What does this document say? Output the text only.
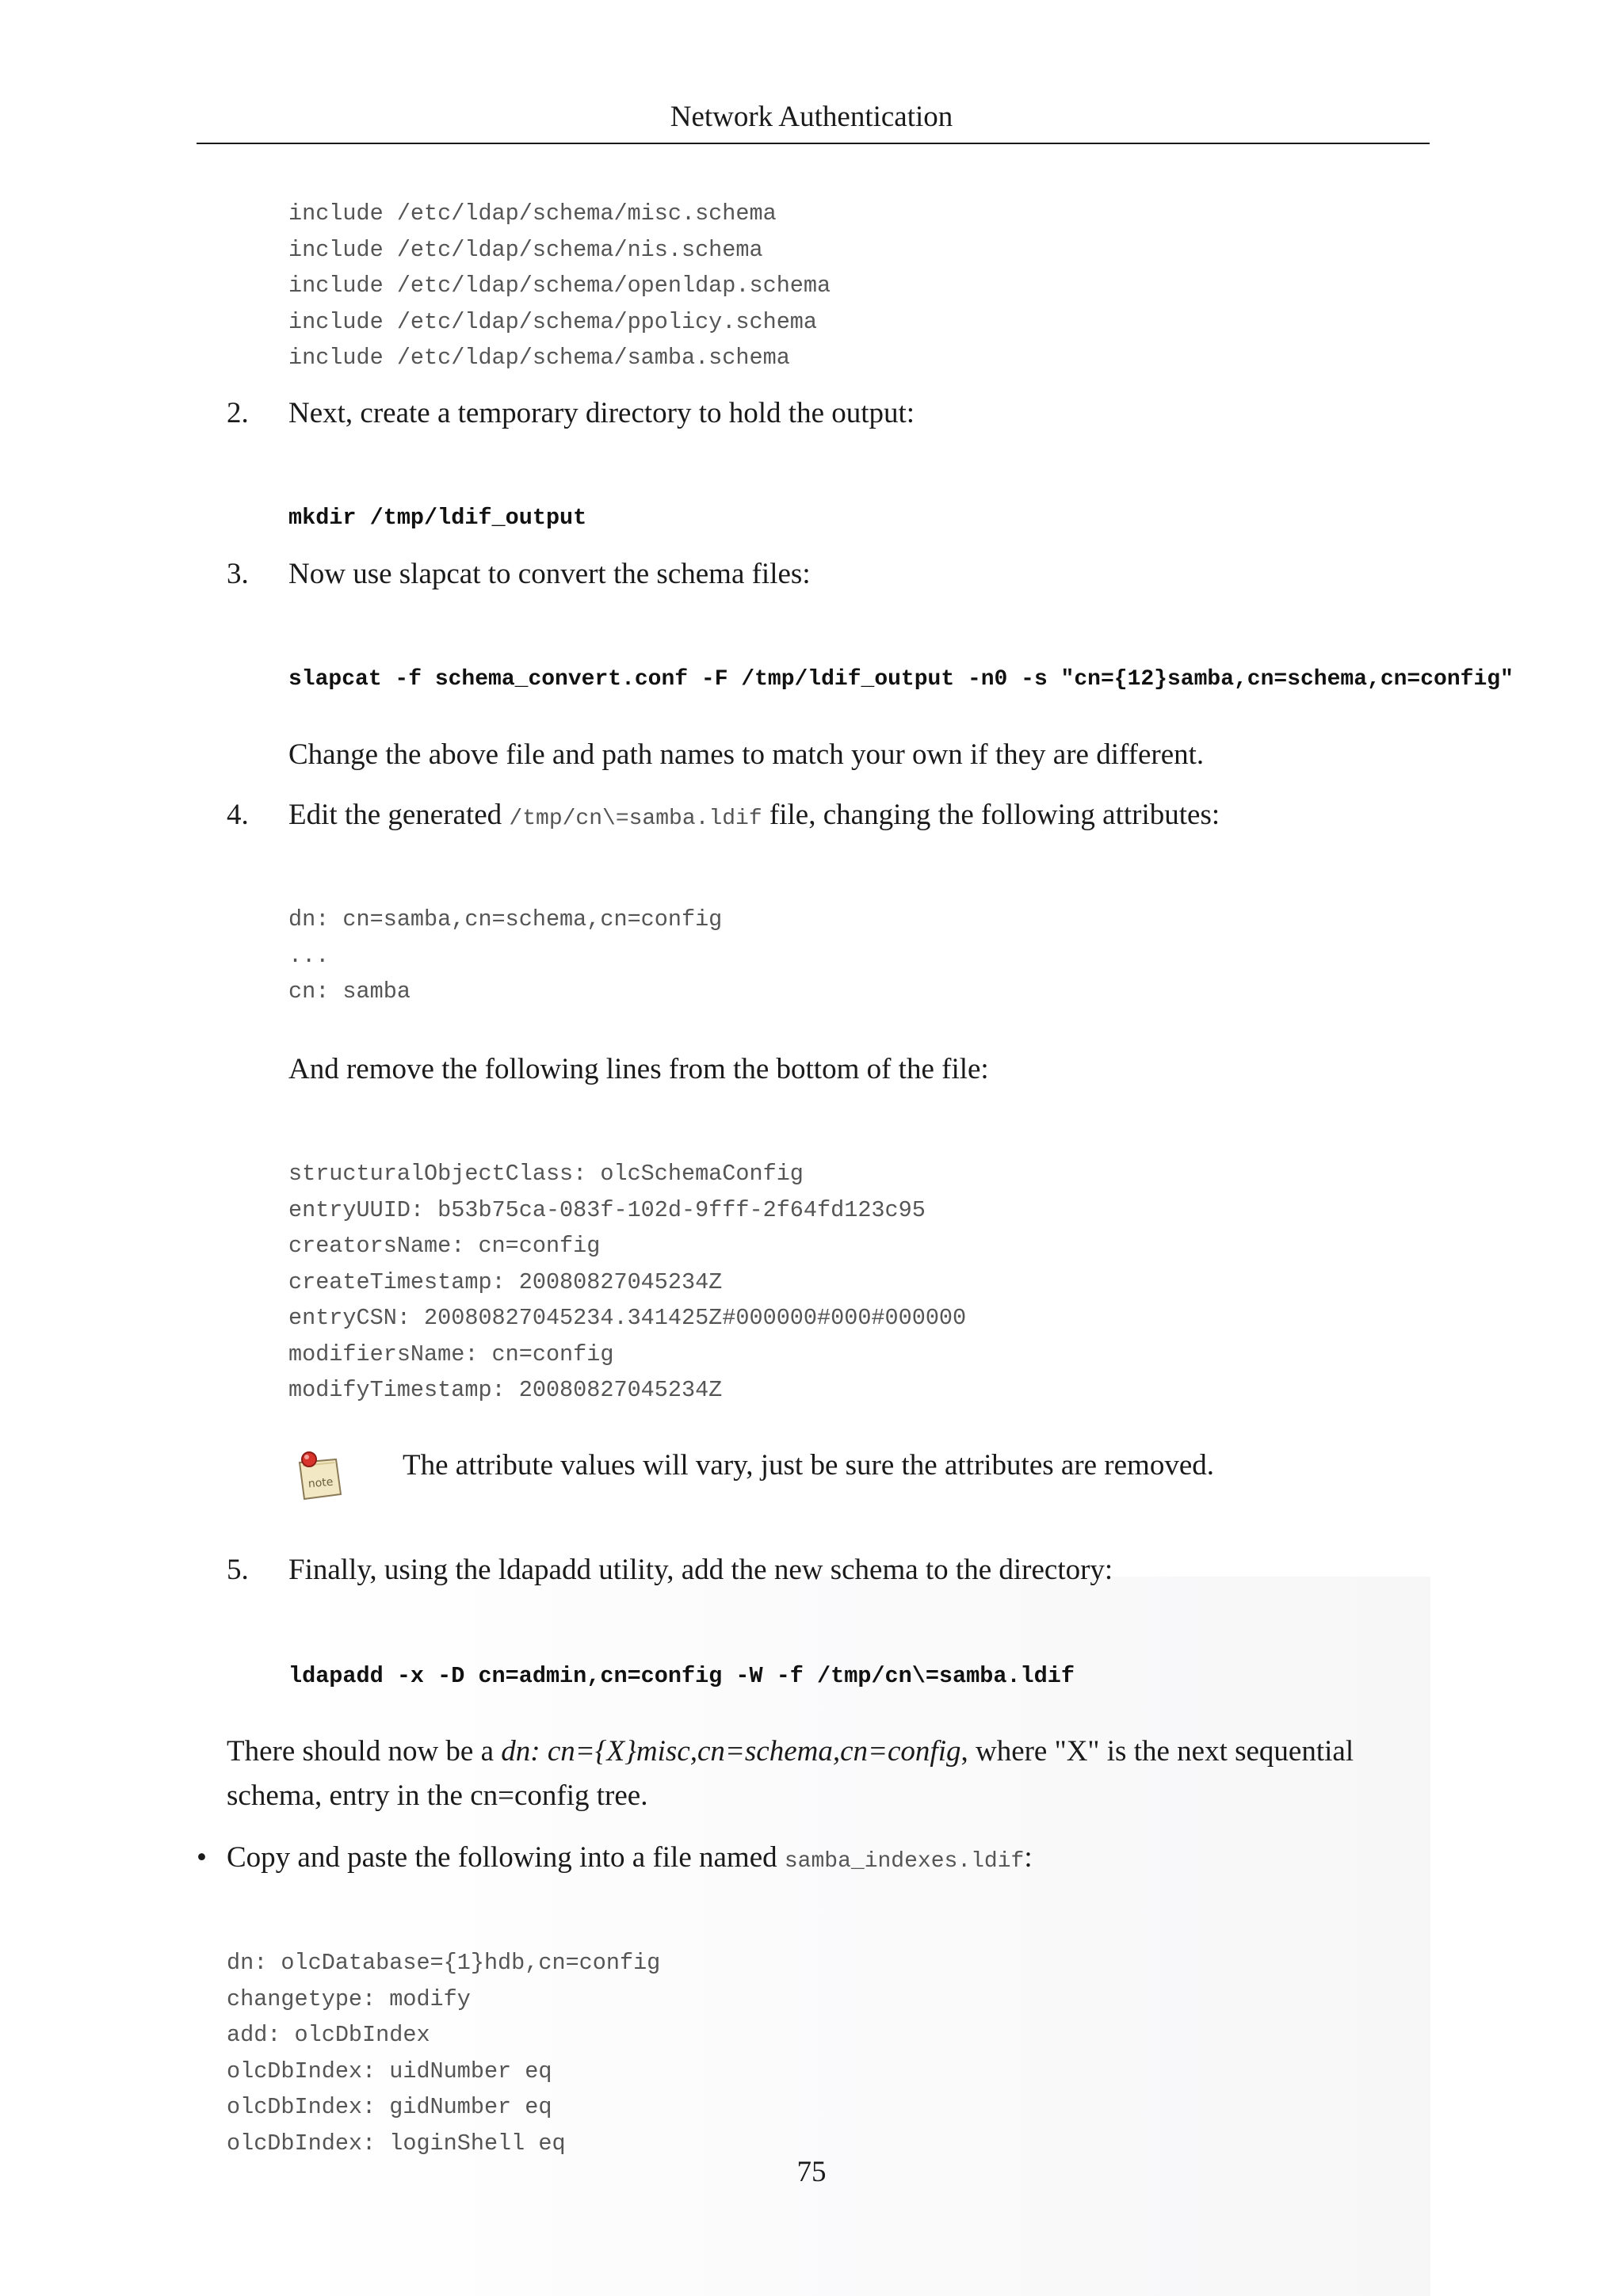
Network Authentication
include /etc/ldap/schema/misc.schema
include /etc/ldap/schema/nis.schema
include /etc/ldap/schema/openldap.schema
include /etc/ldap/schema/ppolicy.schema
include /etc/ldap/schema/samba.schema
2. Next, create a temporary directory to hold the output:
mkdir /tmp/ldif_output
3. Now use slapcat to convert the schema files:
slapcat -f schema_convert.conf -F /tmp/ldif_output -n0 -s "cn={12}samba,cn=schema,cn=config"
Change the above file and path names to match your own if they are different.
4. Edit the generated /tmp/cn\=samba.ldif file, changing the following attributes:
dn: cn=samba,cn=schema,cn=config
...
cn: samba
And remove the following lines from the bottom of the file:
structuralObjectClass: olcSchemaConfig
entryUUID: b53b75ca-083f-102d-9fff-2f64fd123c95
creatorsName: cn=config
createTimestamp: 20080827045234Z
entryCSN: 20080827045234.341425Z#000000#000#000000
modifiersName: cn=config
modifyTimestamp: 20080827045234Z
note
The attribute values will vary, just be sure the attributes are removed.
5. Finally, using the ldapadd utility, add the new schema to the directory:
ldapadd -x -D cn=admin,cn=config -W -f /tmp/cn\=samba.ldif
There should now be a dn: cn={X}misc,cn=schema,cn=config, where "X" is the next sequential schema, entry in the cn=config tree.
• Copy and paste the following into a file named samba_indexes.ldif:
dn: olcDatabase={1}hdb,cn=config
changetype: modify
add: olcDbIndex
olcDbIndex: uidNumber eq
olcDbIndex: gidNumber eq
olcDbIndex: loginShell eq
75
